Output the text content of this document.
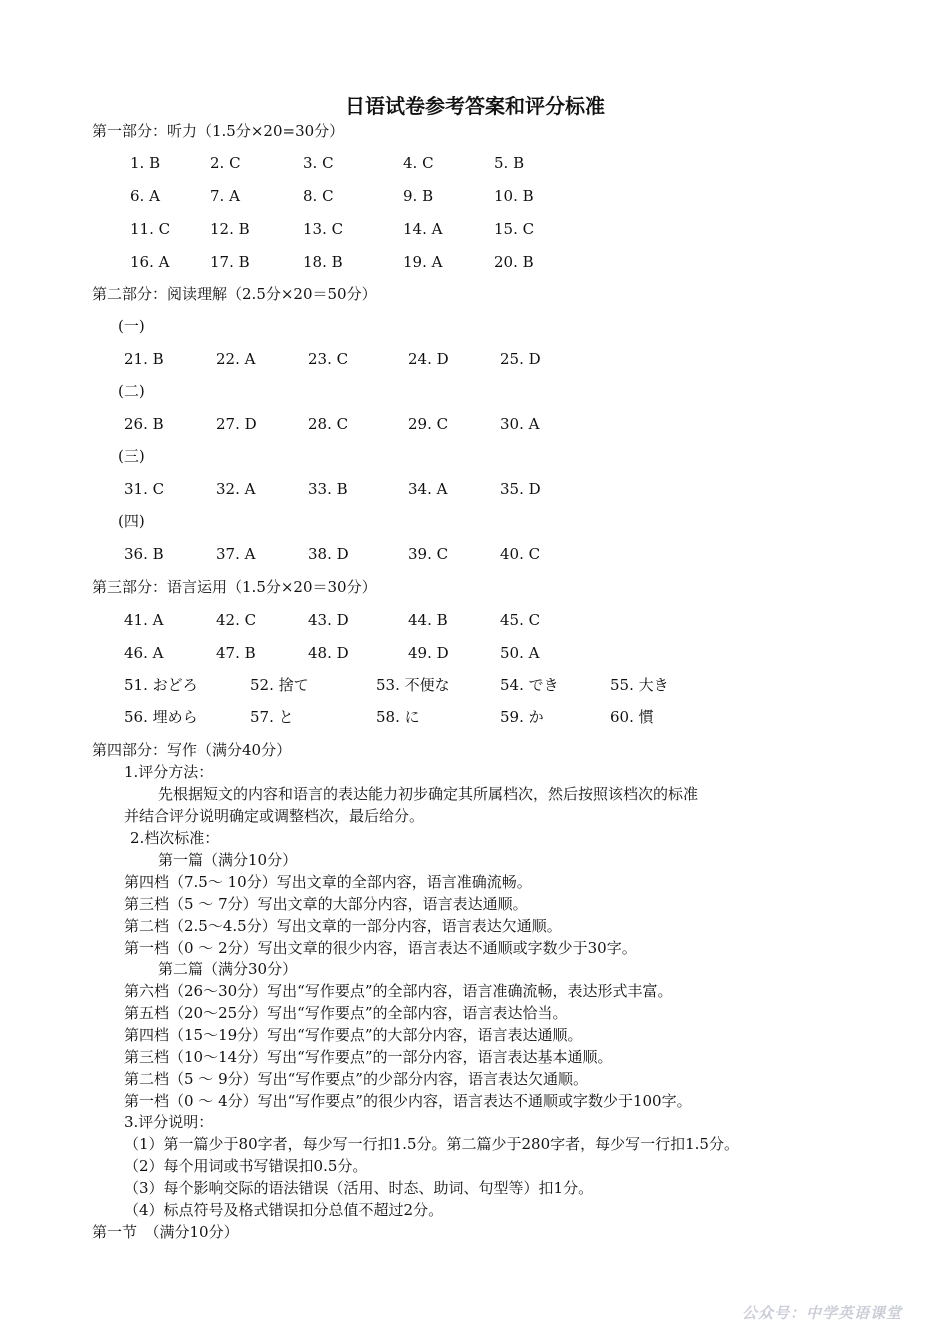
日语试卷参考答案和评分标准
第一部分：听力（1.5分×20=30分）
1. B	2. C	3. C	4. C	5. B
6. A	7. A	8. C	9. B	10. B
11. C	12. B	13. C	14. A	15. C
16. A	17. B	18. B	19. A	20. B
第二部分：阅读理解（2.5分×20＝50分）
(一)
21. B	22. A	23. C	24. D	25. D
(二)
26. B	27. D	28. C	29. C	30. A
(三)
31. C	32. A	33. B	34. A	35. D
(四)
36. B	37. A	38. D	39. C	40. C
第三部分：语言运用（1.5分×20＝30分）
41. A	42. C	43. D	44. B	45. C
46. A	47. B	48. D	49. D	50. A
51. おどろ	52. 捨て	53. 不便な	54. でき	55. 大き
56. 埋めら	57. と	58. に	59. か	60. 慣
第四部分：写作（满分40分）
1.评分方法：
先根据短文的内容和语言的表达能力初步确定其所属档次，然后按照该档次的标准
并结合评分说明确定或调整档次，最后给分。
2.档次标准：
第一篇（满分10分）
第四档（7.5～ 10分）写出文章的全部内容，语言准确流畅。
第三档（5 ～ 7分）写出文章的大部分内容，语言表达通顺。
第二档（2.5～4.5分）写出文章的一部分内容，语言表达欠通顺。
第一档（0 ～ 2分）写出文章的很少内容，语言表达不通顺或字数少于30字。
第二篇（满分30分）
第六档（26～30分）写出“写作要点”的全部内容，语言准确流畅，表达形式丰富。
第五档（20～25分）写出“写作要点”的全部内容，语言表达恰当。
第四档（15～19分）写出“写作要点”的大部分内容，语言表达通顺。
第三档（10～14分）写出“写作要点”的一部分内容，语言表达基本通顺。
第二档（5 ～ 9分）写出“写作要点”的少部分内容，语言表达欠通顺。
第一档（0 ～ 4分）写出“写作要点”的很少内容，语言表达不通顺或字数少于100字。
3.评分说明：
（1）第一篇少于80字者，每少写一行扣1.5分。第二篇少于280字者，每少写一行扣1.5分。
（2）每个用词或书写错误扣0.5分。
（3）每个影响交际的语法错误（活用、时态、助词、句型等）扣1分。
（4）标点符号及格式错误扣分总值不超过2分。
第一节　（满分10分）
公众号：中学英语课堂
